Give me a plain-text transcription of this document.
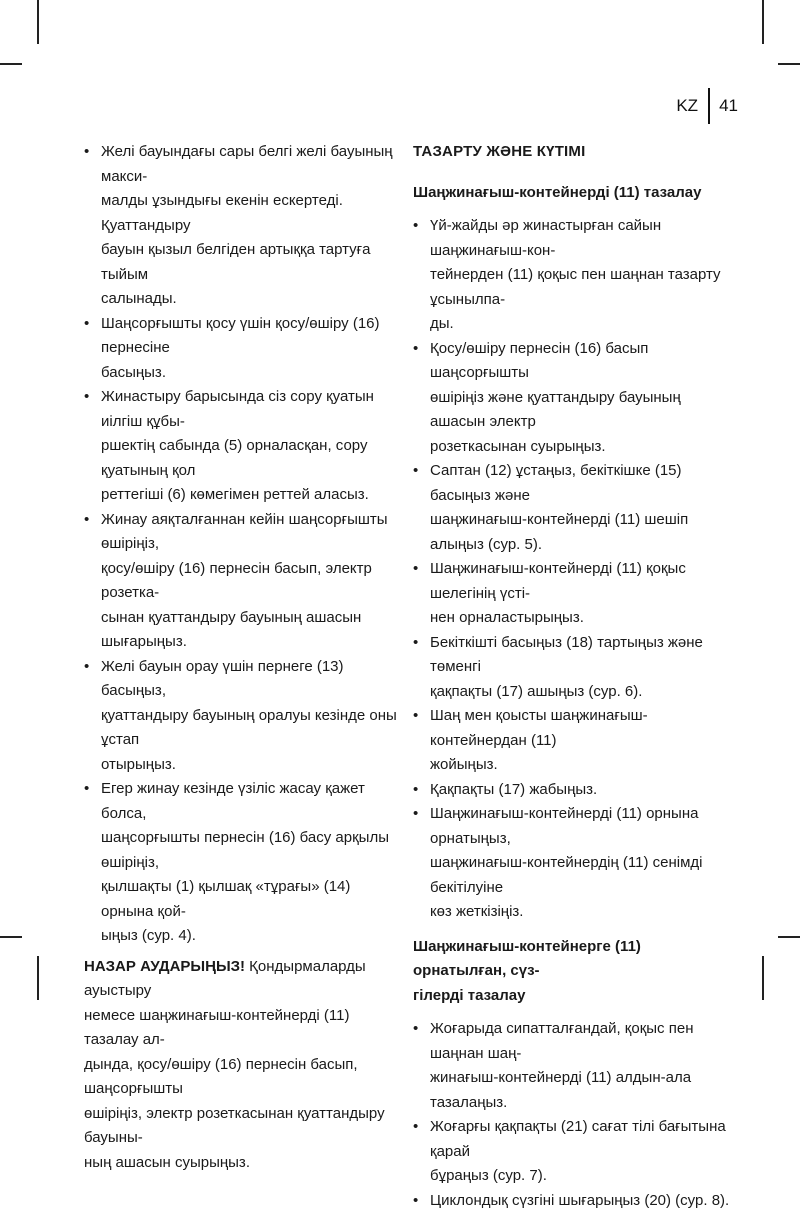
KZ 41
• Желі бауындағы сары белгі желі бауының макси-
малды ұзындығы екенін ескертеді. Қуаттандыру
бауын қызыл белгіден артыққа тартуға тыйым
салынады.
• Шаңсорғышты қосу үшін қосу/өшіру (16) пернесіне
басыңыз.
• Жинастыру барысында сіз сору қуатын иілгіш құбы-
ршектің сабында (5) орналасқан, сору қуатының қол
реттегіші (6) көмегімен реттей аласыз.
• Жинау аяқталғаннан кейін шаңсорғышты өшіріңіз,
қосу/өшіру (16) пернесін басып, электр розетка-
сынан қуаттандыру бауының ашасын шығарыңыз.
• Желі бауын орау үшін пернеге (13) басыңыз,
қуаттандыру бауының оралуы кезінде оны ұстап
отырыңыз.
• Егер жинау кезінде үзіліс жасау қажет болса,
шаңсорғышты пернесін (16) басу арқылы өшіріңіз,
қылшақты (1) қылшақ «тұрағы» (14) орнына қой-
ыңыз (сур. 4).

НАЗАР АУДАРЫҢЫЗ! Қондырмаларды ауыстыру
немесе шаңжинағыш-контейнерді (11) тазалау ал-
дында, қосу/өшіру (16) пернесін басып, шаңсорғышты
өшіріңіз, электр розеткасынан қуаттандыру бауыны-
ның ашасын суырыңыз.

ТАЗАРТУ ЖӘНЕ КҮТІМІ

Шаңжинағыш-контейнерді (11) тазалау

• Үй-жайды әр жинастырған сайын шаңжинағыш-кон-
тейнерден (11) қоқыс пен шаңнан тазарту ұсынылпа-
ды.
• Қосу/өшіру пернесін (16) басып шаңсорғышты
өшіріңіз және қуаттандыру бауының ашасын электр
розеткасынан суырыңыз.
• Саптан (12) ұстаңыз, бекіткішке (15) басыңыз және
шаңжинағыш-контейнерді (11) шешіп алыңыз (сур. 5).
• Шаңжинағыш-контейнерді (11) қоқыс шелегінің үсті-
нен орналастырыңыз.
• Бекіткішті басыңыз (18) тартыңыз және төменгі
қақпақты (17) ашыңыз (сур. 6).
• Шаң мен қоысты шаңжинағыш-контейнердан (11)
жойыңыз.
• Қақпақты (17) жабыңыз.
• Шаңжинағыш-контейнерді (11) орнына орнатыңыз,
шаңжинағыш-контейнердің (11) сенімді бекітілуіне
көз жеткізіңіз.

Шаңжинағыш-контейнерге (11) орнатылған, сүз-
гілерді тазалау

• Жоғарыда сипатталғандай, қоқыс пен шаңнан шаң-
жинағыш-контейнерді (11) алдын-ала тазалаңыз.
• Жоғарғы қақпақты (21) сағат тілі бағытына қарай
бұраңыз (сур. 7).
• Циклондық сүзгіні шығарыңыз (20) (сур. 8).
